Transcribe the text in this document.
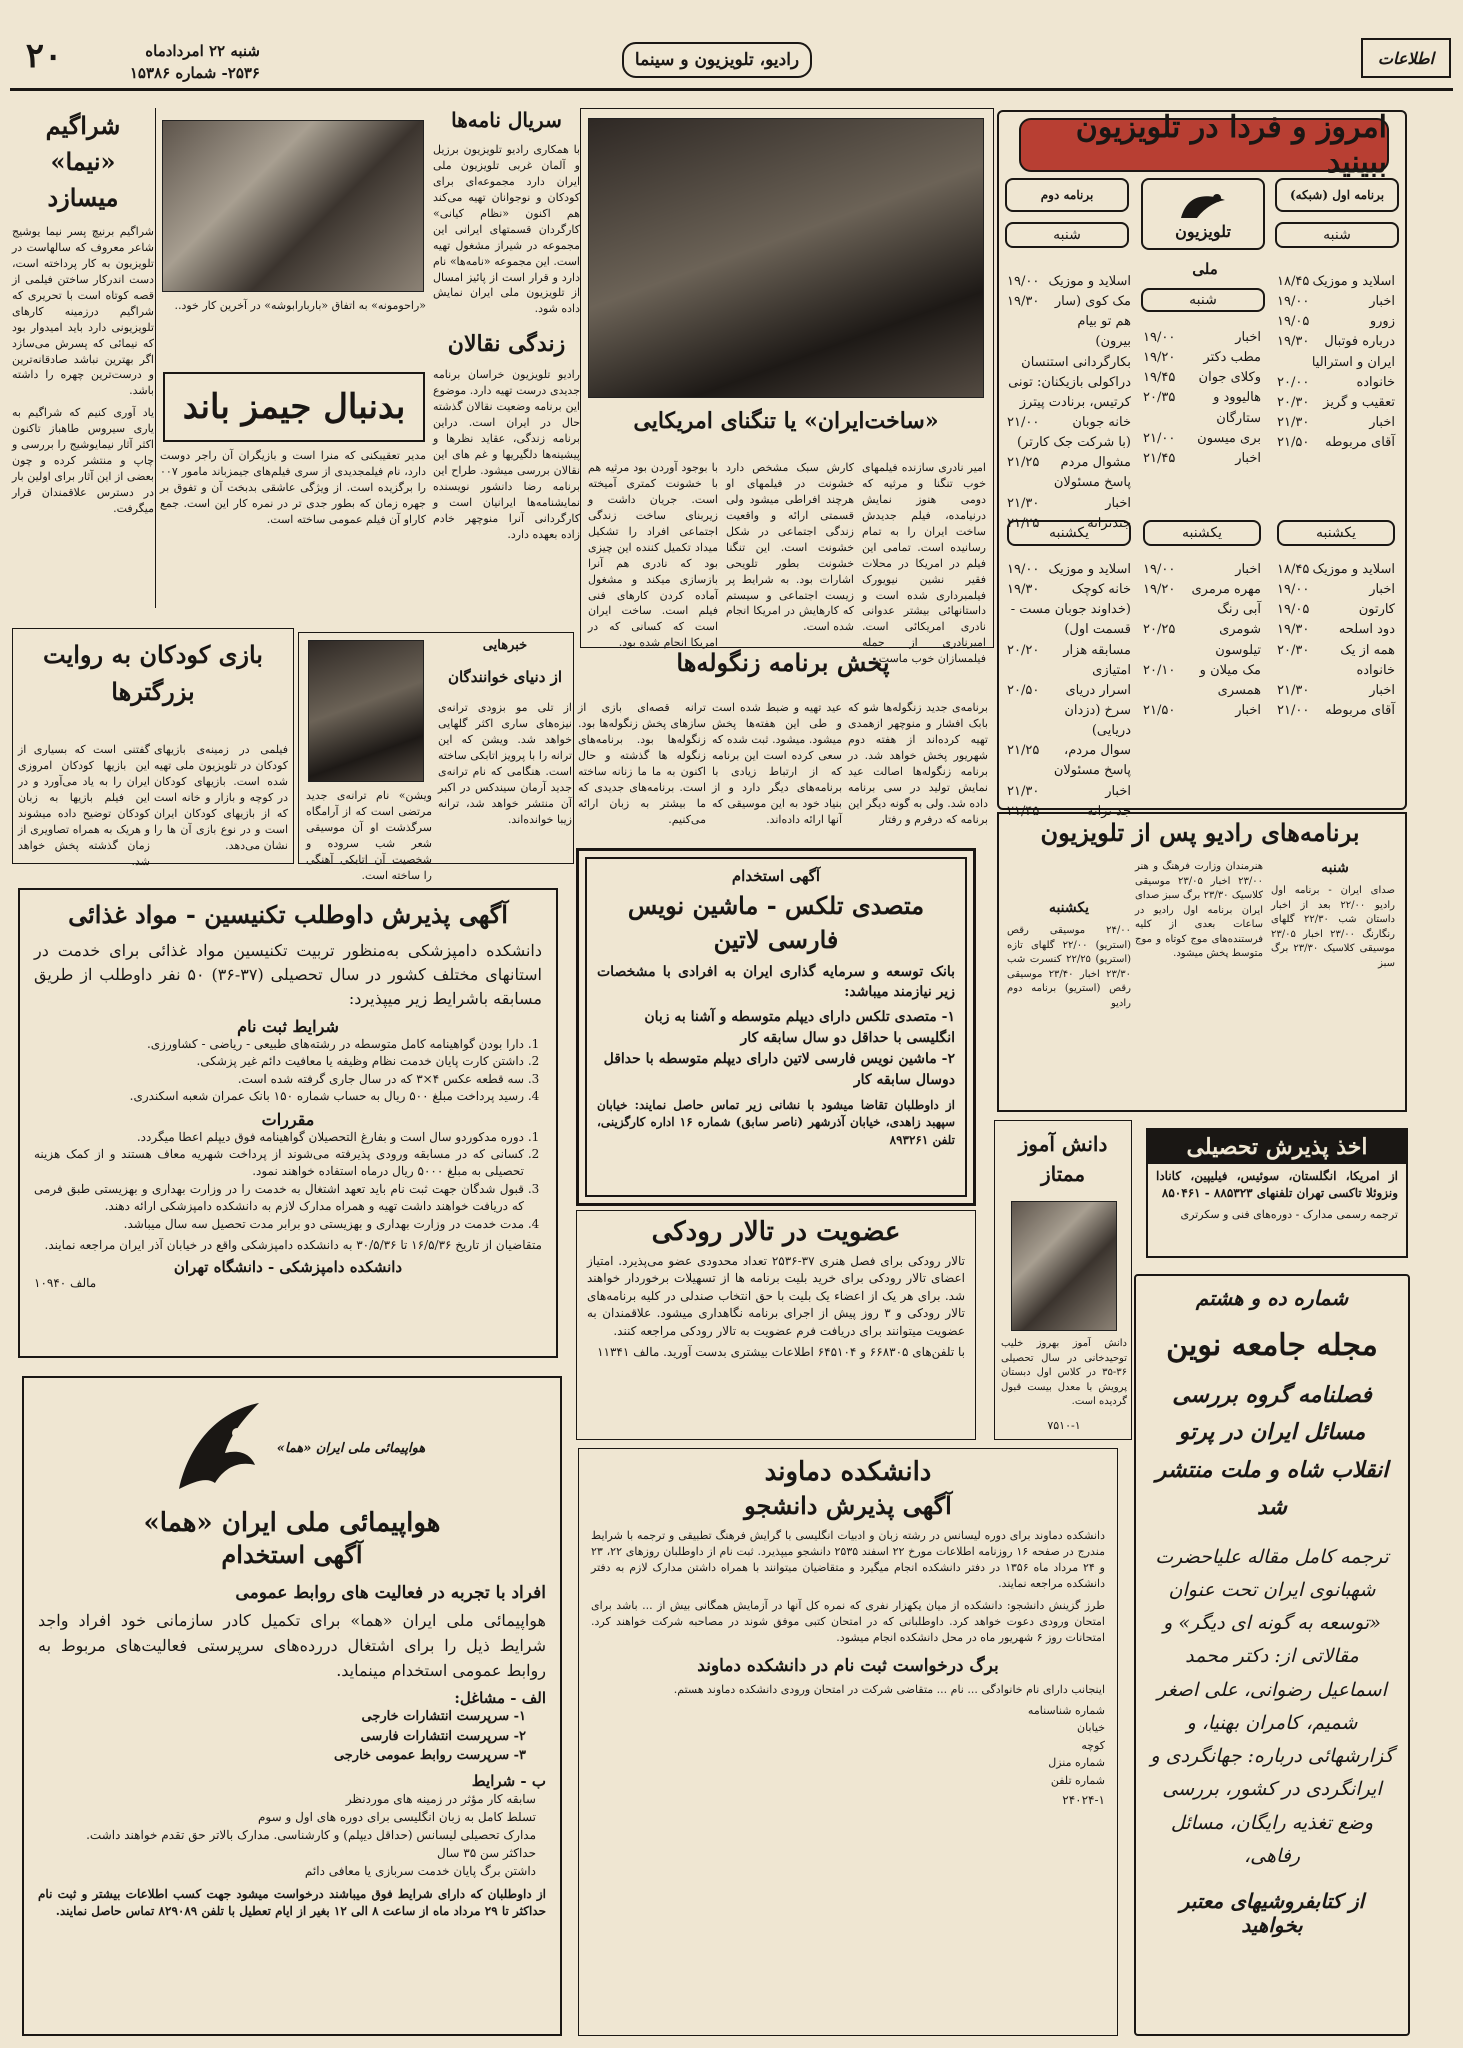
اطلاعات
رادیو، تلویزیون و سینما
شنبه ۲۲ امردادماه
۲۵۳۶- شماره ۱۵۳۸۶
۲۰
امروز و فردا در تلویزیون ببینید
برنامه اول (شبکه)
تلویزیون
برنامه دوم
شنبه
شنبه
ملی
شنبه
اسلاید و موزیک
۱۸/۴۵
اخبار
۱۹/۰۰
زورو
۱۹/۰۵
درباره فوتبال ایران و استرالیا
۱۹/۳۰
خانواده
۲۰/۰۰
تعقیب و گریز
۲۰/۳۰
اخبار
۲۱/۳۰
آقای مربوطه
۲۱/۵۰
اخبار
۱۹/۰۰
مطب دکتر
۱۹/۲۰
وکلای جوان
۱۹/۴۵
هالیوود و ستارگان
۲۰/۳۵
بری میسون
۲۱/۰۰
اخبار
۲۱/۴۵
اسلاید و موزیک
۱۹/۰۰
مک کوی (سار هم تو بیام بیرون)
۱۹/۳۰
بکارگردانی استنسان
دراکولی بازیکنان: تونی کرتیس، برنادت پیترز
خانه جوبان
۲۱/۰۰
(با شرکت جک کارتر)
مشوال مردم پاسخ مسئولان
۲۱/۲۵
اخبار
۲۱/۳۰
جندترانه
۲۱/۲۵
یکشنبه
یکشنبه
یکشنبه
اسلاید و موزیک
۱۸/۴۵
اخبار
۱۹/۰۰
کارتون
۱۹/۰۵
دود اسلحه
۱۹/۳۰
همه از یک خانواده
۲۰/۳۰
اخبار
۲۱/۳۰
آقای مربوطه
۲۱/۰۰
اخبار
۱۹/۰۰
مهره مرمری
۱۹/۲۰
آبی رنگ
شومری تیلوسون
۲۰/۲۵
مک میلان و همسری
۲۰/۱۰
اخبار
۲۱/۵۰
اسلاید و موزیک
۱۹/۰۰
خانه کوچک
۱۹/۳۰
(خداوند جوبان مست - قسمت اول)
مسابقه هزار امتیازی
۲۰/۲۰
اسرار دریای سرخ (دزدان دریایی)
۲۰/۵۰
سوال مردم، پاسخ مسئولان
۲۱/۲۵
اخبار
۲۱/۳۰
جد ترانه
۲۱/۴۵
برنامه‌های رادیو پس از تلویزیون
شنبه
صدای ایران - برنامه اول رادیو ۲۲/۰۰ بعد از اخبار داستان شب ۲۲/۳۰ گلهای رنگارنگ ۲۳/۰۰ اخبار ۲۳/۰۵ موسیقی کلاسیک ۲۳/۳۰ برگ سبز
هنرمندان وزارت فرهنگ و هنر ۲۳/۰۰ اخبار ۲۳/۰۵ موسیقی کلاسیک ۲۳/۳۰ برگ سبز صدای ایران برنامه اول رادیو در ساعات بعدی از کلیه فرستنده‌های موج کوتاه و موج متوسط پخش میشود.
یکشنبه
۲۴/۰۰ موسیقی رقص (استریو) ۲۲/۰۰ گلهای تازه (استریو) ۲۲/۲۵ کنسرت شب ۲۳/۳۰ اخبار ۲۳/۴۰ موسیقی رقص (استریو) برنامه دوم رادیو
سریال نامه‌ها
با همکاری رادیو تلویزیون برزیل و آلمان غربی تلویزیون ملی ایران دارد مجموعه‌ای برای کودکان و نوجوانان تهیه می‌کند هم اکنون «نظام کیانی» کارگردان قسمتهای ایرانی این مجموعه در شیراز مشغول تهیه است. این مجموعه «نامه‌ها» نام دارد و قرار است از پائیز امسال از تلویزیون ملی ایران نمایش داده شود.
زندگی نقالان
رادیو تلویزیون خراسان برنامه جدیدی درست تهیه دارد. موضوع این برنامه وضعیت نقالان گذشته حال در ایران است. دراین برنامه زندگی، عقاید نظرها و پیشینه‌ها دلگیریها و غم های این نقالان بررسی میشود. طراح این برنامه رضا دانشور نویسنده نمایشنامه‌ها ایرانیان است و کارگردانی آنرا منوچهر خادم زاده بعهده دارد.
«راحومونه» به اتفاق «باربارابوشه» در آخرین کار خود..
بدنبال جیمز باند
مدیر تعقیبکنی که منرا است و بازیگران آن راجر دوست دارد، نام فیلمجدیدی از سری فیلم‌های جیمزباند مامور ۰۰۷ را برگزیده است. از ویژگی عاشقی بدبخت آن و تفوق بر جهره زمان که بطور جدی تر در نمره کار این است. جمع کاراو آن فیلم عمومی ساخته است.
شراگیم «نیما» میسازد
شراگیم برنیچ پسر نیما یوشیج شاعر معروف که سالهاست در تلویزیون به کار پرداخته است، دست اندرکار ساختن فیلمی از قصه کوتاه است با تحریری که شراگیم درزمینه کارهای تلویزیونی دارد باید امیدوار بود که نیمائی که پسرش می‌سازد اگر بهترین نباشد صادقانه‌ترین و درست‌ترین چهره را داشته باشد.
یاد آوری کنیم که شراگیم به یاری سیروس طاهباز تاکنون اکثر آثار نیمایوشیج را بررسی و چاپ و منتشر کرده و چون بعضی از این آثار برای اولین بار در دسترس علاقمندان قرار میگرفت.
«ساخت‌ایران» یا تنگنای امریکایی
امیر نادری سازنده فیلمهای خوب تنگنا و مرثیه که دومی هنوز نمایش درنیامده، فیلم جدیدش ساخت ایران را به تمام رسانیده است. تمامی این فیلم در امریکا در محلات فقیر نشین نیویورک فیلمبرداری شده است و داستانهائی بیشتر عدوانی نادری امریکائی است. امیرنادری از جمله فیلمسازان خوب ماست.
کارش سبک مشخص دارد خشونت در فیلمهای او هرچند افراطی میشود ولی قسمتی ارائه و واقعیت زندگی اجتماعی در شکل خشونت است. این تنگنا خشونت بطور تلویحی اشارات بود. به شرایط پر زیست اجتماعی و سیستم که کارهایش در امریکا انجام شده است.
با بوجود آوردن بود مرثیه هم با خشونت کمتری آمیخته است. جریان داشت و زیربنای ساخت زندگی اجتماعی افراد را تشکیل میداد تکمیل کننده این چیزی بود که نادری هم آنرا بازسازی میکند و مشغول آماده کردن کارهای فنی فیلم است. ساخت ایران است که کسانی که در امریکا انجام شده بود.
پخش برنامه زنگوله‌ها
برنامه‌ی جدید زنگوله‌ها شو که بابک افشار و منوچهر ازهمدی تهیه کرده‌اند از هفته دوم شهریور پخش خواهد شد. در برنامه زنگوله‌ها اصالت عید نمایش تولید در سی برنامه داده شد. ولی به گونه دیگر این برنامه که درفرم و رفتار
عید تهیه و ضبط شده است و طی این هفته‌ها پخش میشود. میشود. ثبت شده که سعی کرده است این برنامه که از ارتباط زیادی با برنامه‌های دیگر دارد و از بنیاد خود به این موسیقی که آنها ارائه داده‌اند.
ترانه قصه‌ای بازی از سازهای پخش زنگوله‌ها بود. زنگوله‌ها بود. برنامه‌های زنگوله ها گذشته و حال اکنون به ما ما زنانه ساخته است. برنامه‌های جدیدی که ما بیشتر به زبان ارائه می‌کنیم.
بازی کودکان به روایت بزرگترها
فیلمی در زمینه‌ی بازیهای کودکان در تلویزیون ملی تهیه شده است. بازیهای کودکان در کوچه و بازار و خانه است که از بازیهای کودکان ایران است و در نوع بازی آن ها را نشان می‌دهد.
گفتنی است که بسیاری از این بازیها کودکان امروزی ایران را به یاد می‌آورد و در این فیلم بازیها به زبان کودکان توضیح داده میشوند و هریک به همراه تصاویری از زمان گذشته پخش خواهد شد.
خبرهایی
از دنیای خوانندگان
از تلی مو بزودی ترانه‌ی نیزه‌های ساری اکثر گلهایی خواهد شد. ویشن که این ترانه را با پرویز اتابکی ساخته است. هنگامی که نام ترانه‌ی جدید آرمان سیندکس در اکبر آن منتشر خواهد شد، ترانه زیبا خوانده‌اند.
ویشن» نام ترانه‌ی جدید مرتضی است که از آرامگاه سرگذشت او آن موسیقی شعر شب سروده و شخصیت آن اتابکی آهنگی را ساخته است.
آگهی پذیرش داوطلب تکنیسین - مواد غذائی
دانشکده دامپزشکی به‌منظور تربیت تکنیسین مواد غذائی برای خدمت در استانهای مختلف کشور در سال تحصیلی (۳۷-۳۶) ۵۰ نفر داوطلب از طریق مسابقه باشرایط زیر میپذیرد:
شرایط ثبت نام
1. دارا بودن گواهینامه کامل متوسطه در رشته‌های طبیعی - ریاضی - کشاورزی.
2. داشتن کارت پایان خدمت نظام وظیفه یا معافیت دائم غیر پزشکی.
3. سه قطعه عکس ۴×۳ که در سال جاری گرفته شده است.
4. رسید پرداخت مبلغ ۵۰۰ ریال به حساب شماره ۱۵۰ بانک عمران شعبه اسکندری.
مقررات
1. دوره مدکوردو سال است و بفارغ التحصیلان گواهینامه فوق دیپلم اعطا میگردد.
2. کسانی که در مسابقه ورودی پذیرفته می‌شوند از پرداخت شهریه معاف هستند و از کمک هزینه تحصیلی به مبلغ ۵۰۰۰ ریال درماه استفاده خواهند نمود.
3. قبول شدگان جهت ثبت نام باید تعهد اشتغال به خدمت را در وزارت بهداری و بهزیستی طبق فرمی که دریافت خواهند داشت تهیه و همراه مدارک لازم به دانشکده دامپزشکی ارائه دهند.
4. مدت خدمت در وزارت بهداری و بهزیستی دو برابر مدت تحصیل سه سال میباشد.
متقاضیان از تاریخ ۱۶/۵/۳۶ تا ۳۰/۵/۳۶ به دانشکده دامپزشکی واقع در خیابان آذر ایران مراجعه نمایند.
دانشکده دامپزشکی - دانشگاه تهران
مالف ۱۰۹۴۰
آگهی استخدام
متصدی تلکس - ماشین نویس فارسی لاتین
بانک توسعه و سرمایه گذاری ایران به افرادی با مشخصات زیر نیازمند میباشد:
۱- متصدی تلکس دارای دیپلم متوسطه و آشنا به زبان انگلیسی با حداقل دو سال سابقه کار
۲- ماشین نویس فارسی لاتین دارای دیپلم متوسطه با حداقل دوسال سابقه کار
از داوطلبان تقاضا میشود با نشانی زیر تماس حاصل نمایند: خیابان سپهبد زاهدی، خیابان آذرشهر (ناصر سابق) شماره ۱۶ اداره کارگزینی، تلفن ۸۹۳۲۶۱
عضویت در تالار رودکی
تالار رودکی برای فصل هنری ۳۷-۲۵۳۶ تعداد محدودی عضو می‌پذیرد. امتیاز اعضای تالار رودکی برای خرید بلیت برنامه ها از تسهیلات برخوردار خواهند شد. برای هر یک از اعضاء یک بلیت با حق انتخاب صندلی در کلیه برنامه‌های تالار رودکی و ۳ روز پیش از اجرای برنامه نگاهداری میشود. علاقمندان به عضویت میتوانند برای دریافت فرم عضویت به تالار رودکی مراجعه کنند.
با تلفن‌های ۶۶۸۳۰۵ و ۶۴۵۱۰۴ اطلاعات بیشتری بدست آورید. مالف ۱۱۳۴۱
دانش آموز ممتاز
دانش آموز بهروز خلیب توحیدخانی در سال تحصیلی ۳۶-۳۵ در کلاس اول دبستان پرویش با معدل بیست قبول گردیده است.
۷۵۱۰-۱
اخذ پذیرش تحصیلی
از امریکا، انگلستان، سوئیس، فیلیپین، کانادا ونزوئلا تاکسی تهران تلفنهای ۸۸۵۳۲۳ - ۸۵۰۴۶۱
ترجمه رسمی مدارک - دوره‌های فنی و سکرتری
هواپیمائی ملی ایران «هما»
هواپیمائی ملی ایران «هما»
آگهی استخدام
افراد با تجربه در فعالیت های روابط عمومی
هواپیمائی ملی ایران «هما» برای تکمیل کادر سازمانی خود افراد واجد شرایط ذیل را برای اشتغال دررده‌های سرپرستی فعالیت‌های مربوط به روابط عمومی استخدام مینماید.
الف - مشاغل:
۱- سرپرست انتشارات خارجی
۲- سرپرست انتشارات فارسی
۳- سرپرست روابط عمومی خارجی
ب - شرایط
سابقه کار مؤثر در زمینه های موردنظر
تسلط کامل به زبان انگلیسی برای دوره های اول و سوم
مدارک تحصیلی لیسانس (حداقل دیپلم) و کارشناسی. مدارک بالاتر حق تقدم خواهند داشت.
حداکثر سن ۳۵ سال
داشتن برگ پایان خدمت سربازی یا معافی دائم
از داوطلبان که دارای شرایط فوق میباشند درخواست میشود جهت کسب اطلاعات بیشتر و ثبت نام حداکثر تا ۲۹ مرداد ماه از ساعت ۸ الی ۱۲ بغیر از ایام تعطیل با تلفن ۸۲۹۰۸۹ تماس حاصل نمایند.
دانشکده دماوند
آگهی پذیرش دانشجو
دانشکده دماوند برای دوره لیسانس در رشته زبان و ادبیات انگلیسی با گرایش فرهنگ تطبیقی و ترجمه با شرایط مندرج در صفحه ۱۶ روزنامه اطلاعات مورخ ۲۲ اسفند ۲۵۳۵ دانشجو میپذیرد. ثبت نام از داوطلبان روزهای ۲۲، ۲۳ و ۲۴ مرداد ماه ۱۳۵۶ در دفتر دانشکده انجام میگیرد و متقاضیان میتوانند با همراه داشتن مدارک لازم به دفتر دانشکده مراجعه نمایند.
طرز گزینش دانشجو: دانشکده از میان یکهزار نفری که نمره کل آنها در آزمایش همگانی بیش از ... باشد برای امتحان ورودی دعوت خواهد کرد. داوطلبانی که در امتحان کتبی موفق شوند در مصاحبه شرکت خواهند کرد. امتحانات روز ۶ شهریور ماه در محل دانشکده انجام میشود.
برگ درخواست ثبت نام در دانشکده دماوند
اینجانب دارای نام خانوادگی ... نام ... متقاضی شرکت در امتحان ورودی دانشکده دماوند هستم.
شماره شناسنامه
خیابان
کوچه
شماره منزل
شماره تلفن
۲۴۰۲۴-۱
شماره ده و هشتم
مجله جامعه نوین
فصلنامه گروه بررسی مسائل ایران در پرتو انقلاب شاه و ملت منتشر شد
ترجمه کامل مقاله علیاحضرت شهبانوی ایران تحت عنوان «توسعه به گونه ای دیگر» و مقالاتی از: دکتر محمد اسماعیل رضوانی، علی اصغر شمیم، کامران بهنیا، و گزارشهائی درباره: جهانگردی و ایرانگردی در کشور، بررسی وضع تغذیه رایگان، مسائل رفاهی،
از کتابفروشیهای معتبر بخواهید
